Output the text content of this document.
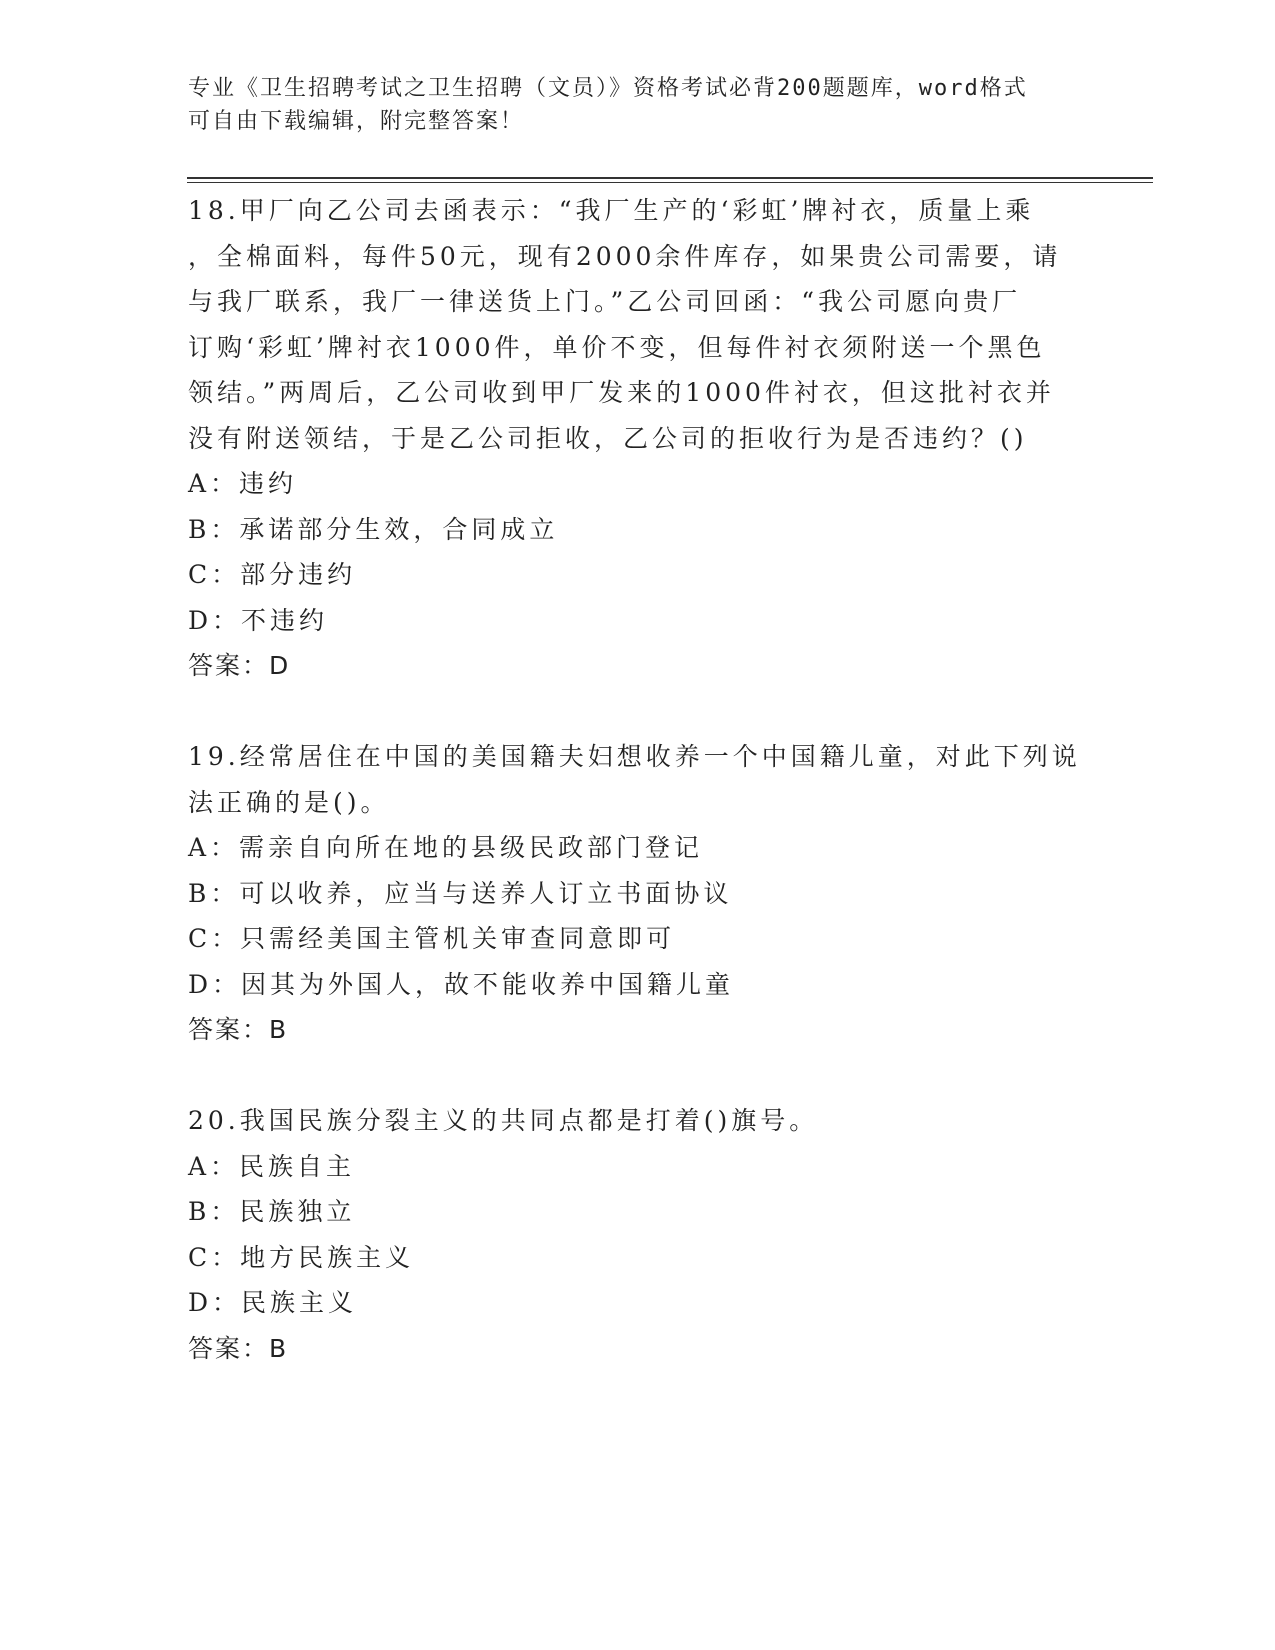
专业《卫生招聘考试之卫生招聘（文员）》资格考试必背200题题库，word格式
可自由下载编辑，附完整答案！
18.甲厂向乙公司去函表示：“我厂生产的‘彩虹’牌衬衣，质量上乘
，全棉面料，每件50元，现有2000余件库存，如果贵公司需要，请
与我厂联系，我厂一律送货上门。”乙公司回函：“我公司愿向贵厂
订购‘彩虹’牌衬衣1000件，单价不变，但每件衬衣须附送一个黑色
领结。”两周后，乙公司收到甲厂发来的1000件衬衣，但这批衬衣并
没有附送领结，于是乙公司拒收，乙公司的拒收行为是否违约？()
A：违约
B：承诺部分生效，合同成立
C：部分违约
D：不违约
答案：D
19.经常居住在中国的美国籍夫妇想收养一个中国籍儿童，对此下列说
法正确的是()。
A：需亲自向所在地的县级民政部门登记
B：可以收养，应当与送养人订立书面协议
C：只需经美国主管机关审查同意即可
D：因其为外国人，故不能收养中国籍儿童
答案：B
20.我国民族分裂主义的共同点都是打着()旗号。
A：民族自主
B：民族独立
C：地方民族主义
D：民族主义
答案：B
